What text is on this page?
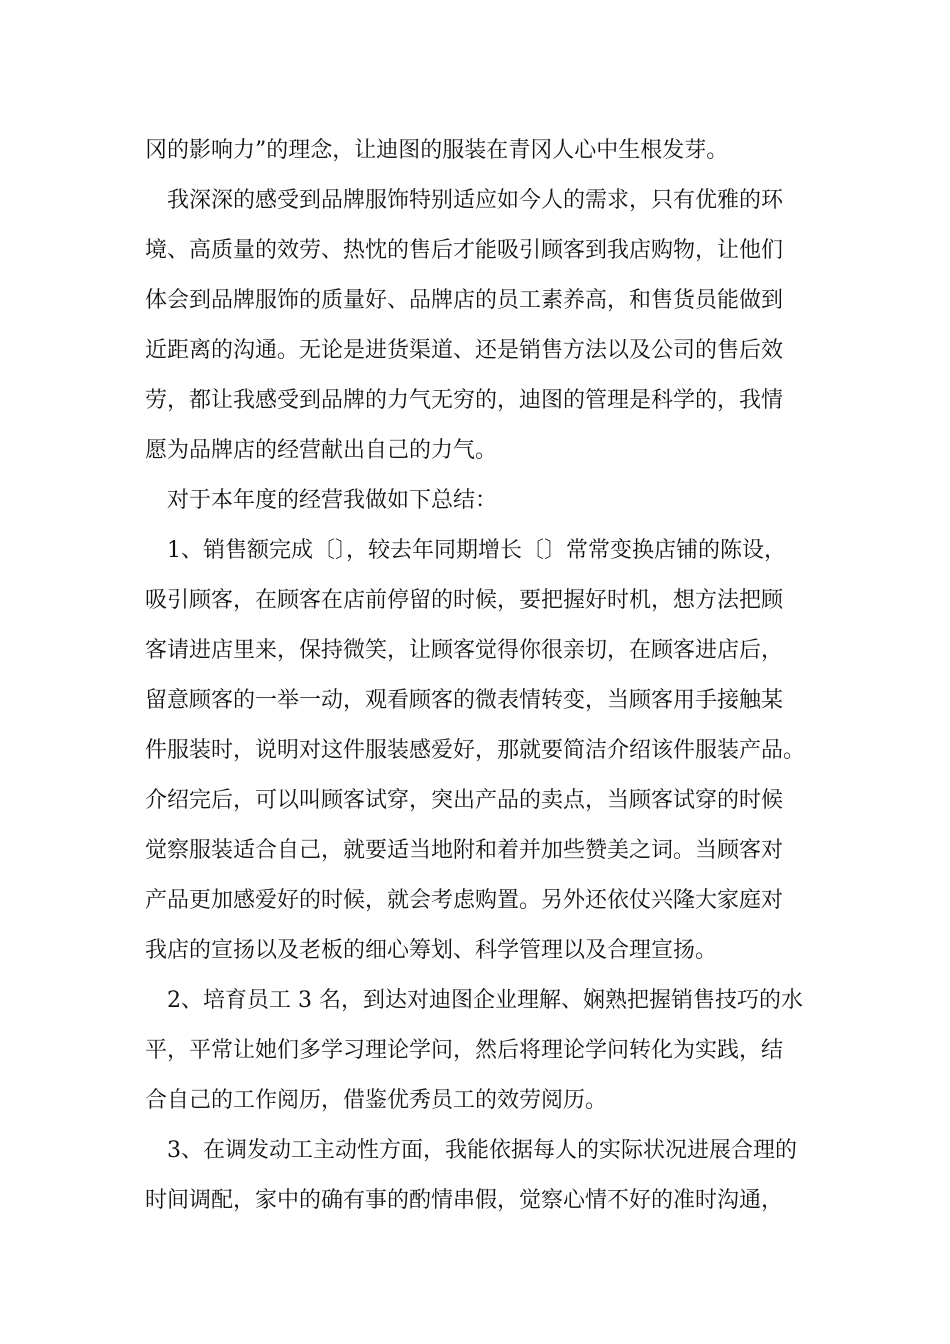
冈的影响力”的理念，让迪图的服装在青冈人心中生根发芽。
我深深的感受到品牌服饰特别适应如今人的需求，只有优雅的环
境、高质量的效劳、热忱的售后才能吸引顾客到我店购物，让他们
体会到品牌服饰的质量好、品牌店的员工素养高，和售货员能做到
近距离的沟通。无论是进货渠道、还是销售方法以及公司的售后效
劳，都让我感受到品牌的力气无穷的，迪图的管理是科学的，我情
愿为品牌店的经营献出自己的力气。
对于本年度的经营我做如下总结：
1、销售额完成〔〕，较去年同期增长〔〕常常变换店铺的陈设，
吸引顾客，在顾客在店前停留的时候，要把握好时机，想方法把顾
客请进店里来，保持微笑，让顾客觉得你很亲切，在顾客进店后，
留意顾客的一举一动，观看顾客的微表情转变，当顾客用手接触某
件服装时，说明对这件服装感爱好，那就要简洁介绍该件服装产品。
介绍完后，可以叫顾客试穿，突出产品的卖点，当顾客试穿的时候
觉察服装适合自己，就要适当地附和着并加些赞美之词。当顾客对
产品更加感爱好的时候，就会考虑购置。另外还依仗兴隆大家庭对
我店的宣扬以及老板的细心筹划、科学管理以及合理宣扬。
2、培育员工 3 名，到达对迪图企业理解、娴熟把握销售技巧的水
平，平常让她们多学习理论学问，然后将理论学问转化为实践，结
合自己的工作阅历，借鉴优秀员工的效劳阅历。
3、在调发动工主动性方面，我能依据每人的实际状况进展合理的
时间调配，家中的确有事的酌情串假，觉察心情不好的准时沟通，
